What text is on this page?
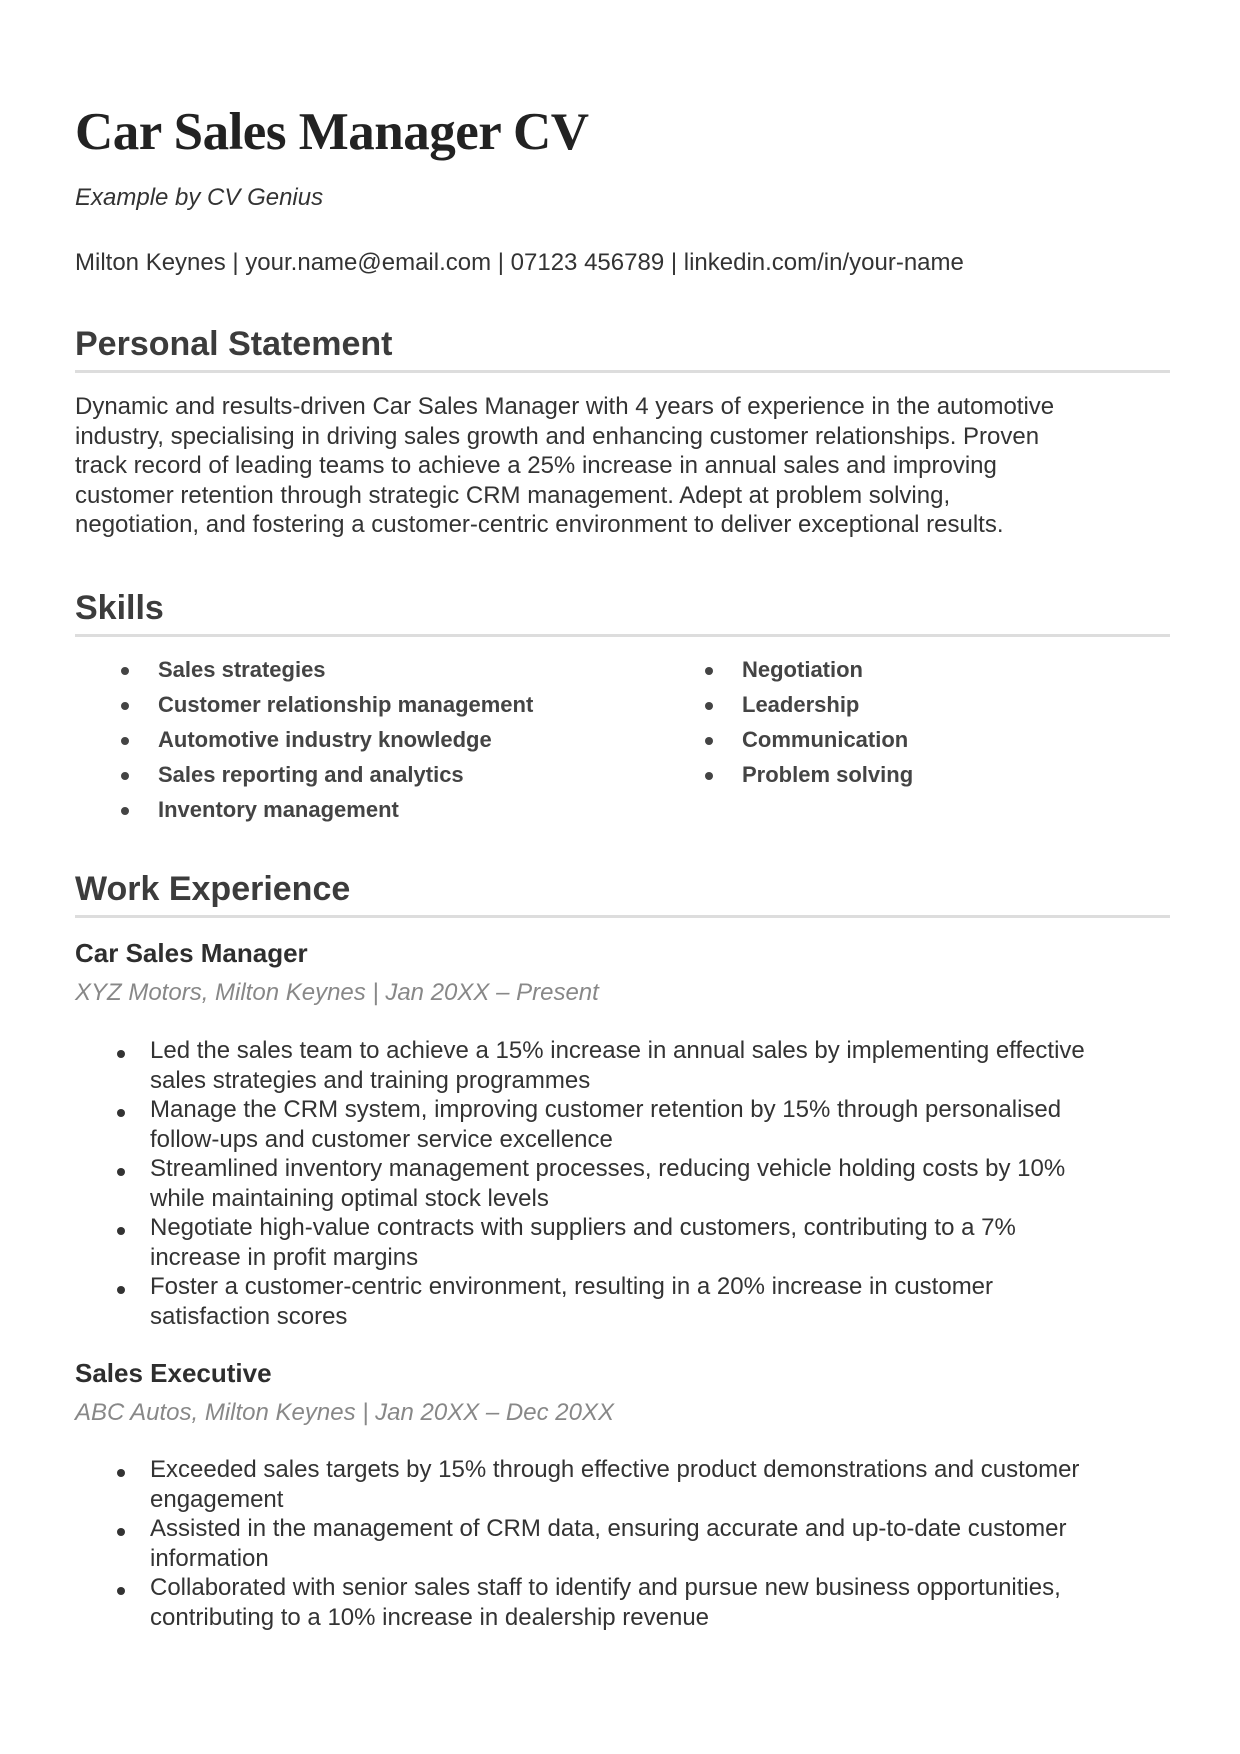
Car Sales Manager CV
Example by CV Genius
Milton Keynes | your.name@email.com | 07123 456789 | linkedin.com/in/your-name
Personal Statement

Dynamic and results-driven Car Sales Manager with 4 years of experience in the automotive
industry, specialising in driving sales growth and enhancing customer relationships. Proven
track record of leading teams to achieve a 25% increase in annual sales and improving
customer retention through strategic CRM management. Adept at problem solving,
negotiation, and fostering a customer-centric environment to deliver exceptional results.

Skills
Sales strategies
Customer relationship management
Automotive industry knowledge
Sales reporting and analytics
Inventory management
Negotiation
Leadership
Communication
Problem solving
Work Experience
Car Sales Manager
XYZ Motors, Milton Keynes | Jan 20XX – Present
Led the sales team to achieve a 15% increase in annual sales by implementing effective
sales strategies and training programmes
Manage the CRM system, improving customer retention by 15% through personalised
follow-ups and customer service excellence
Streamlined inventory management processes, reducing vehicle holding costs by 10%
while maintaining optimal stock levels
Negotiate high-value contracts with suppliers and customers, contributing to a 7%
increase in profit margins
Foster a customer-centric environment, resulting in a 20% increase in customer
satisfaction scores
Sales Executive
ABC Autos, Milton Keynes | Jan 20XX – Dec 20XX
Exceeded sales targets by 15% through effective product demonstrations and customer
engagement
Assisted in the management of CRM data, ensuring accurate and up-to-date customer
information
Collaborated with senior sales staff to identify and pursue new business opportunities,
contributing to a 10% increase in dealership revenue
